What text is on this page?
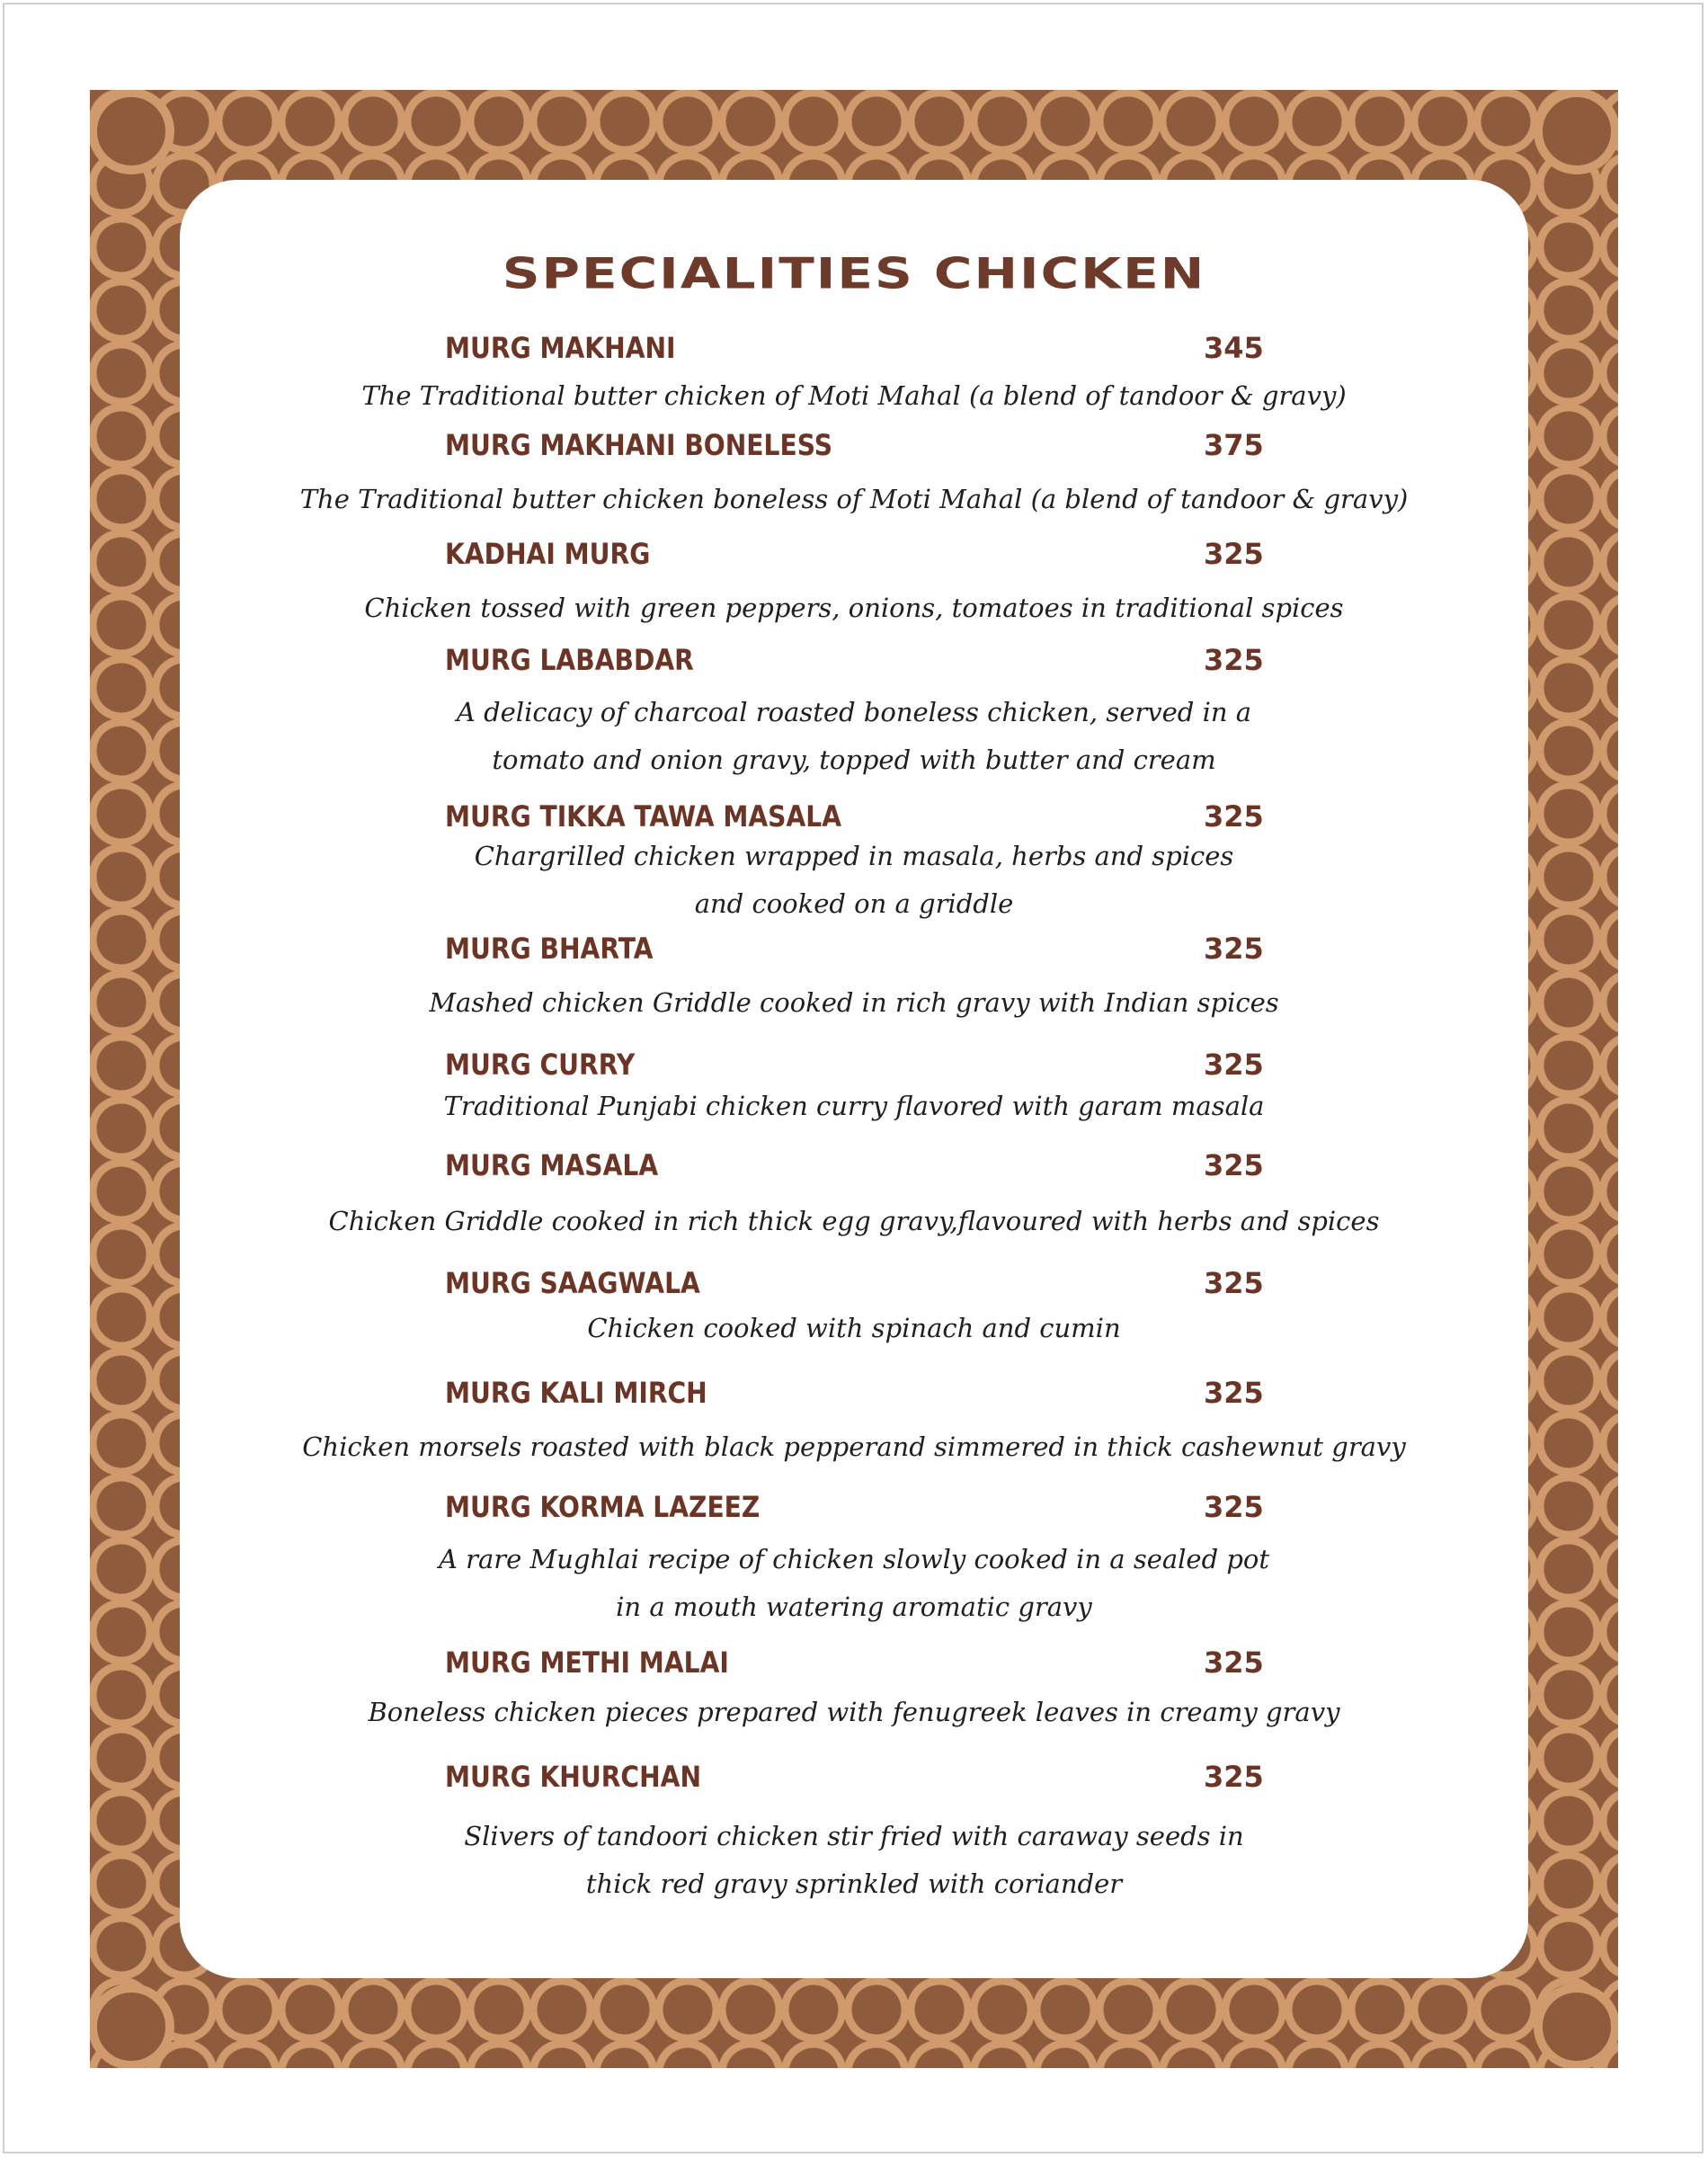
SPECIALITIES CHICKEN
MURG MAKHANI	345
The Traditional butter chicken of Moti Mahal (a blend of tandoor & gravy)
MURG MAKHANI BONELESS	375
The Traditional butter chicken boneless of Moti Mahal (a blend of tandoor & gravy)
KADHAI MURG	325
Chicken tossed with green peppers, onions, tomatoes in traditional spices
MURG LABABDAR	325
A delicacy of charcoal roasted boneless chicken, served in a
tomato and onion gravy, topped with butter and cream
MURG TIKKA TAWA MASALA	325
Chargrilled chicken wrapped in masala, herbs and spices
and cooked on a griddle
MURG BHARTA	325
Mashed chicken Griddle cooked in rich gravy with Indian spices
MURG CURRY	325
Traditional Punjabi chicken curry flavored with garam masala
MURG MASALA	325
Chicken Griddle cooked in rich thick egg gravy,flavoured with herbs and spices
MURG SAAGWALA	325
Chicken cooked with spinach and cumin
MURG KALI MIRCH	325
Chicken morsels roasted with black pepperand simmered in thick cashewnut gravy
MURG KORMA LAZEEZ	325
A rare Mughlai recipe of chicken slowly cooked in a sealed pot
in a mouth watering aromatic gravy
MURG METHI MALAI	325
Boneless chicken pieces prepared with fenugreek leaves in creamy gravy
MURG KHURCHAN	325
Slivers of tandoori chicken stir fried with caraway seeds in
thick red gravy sprinkled with coriander
